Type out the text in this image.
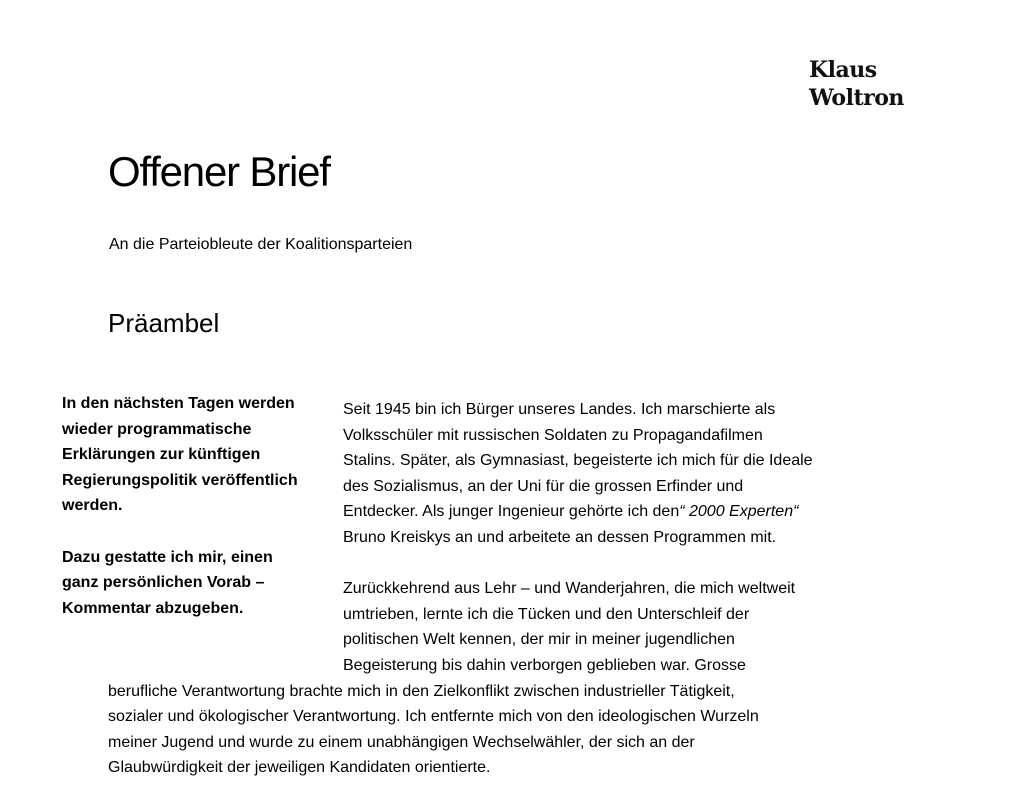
Klaus
Woltron
Offener Brief

An die Parteiobleute der Koalitionsparteien

Präambel

In den nächsten Tagen werden wieder programmatische Erklärungen zur künftigen Regierungspolitik veröffentlich werden.

Dazu gestatte ich mir, einen ganz persönlichen Vorab – Kommentar abzugeben.

Seit 1945 bin ich Bürger unseres Landes. Ich marschierte als
Volksschüler mit russischen Soldaten zu Propagandafilmen
Stalins. Später, als Gymnasiast, begeisterte ich mich für die Ideale
des Sozialismus, an der Uni für die grossen Erfinder und
Entdecker. Als junger Ingenieur gehörte ich den“ 2000 Experten“
Bruno Kreiskys an und arbeitete an dessen Programmen mit.

Zurückkehrend aus Lehr – und Wanderjahren, die mich weltweit
umtrieben, lernte ich die Tücken und den Unterschleif der
politischen Welt kennen, der mir in meiner jugendlichen
Begeisterung bis dahin verborgen geblieben war. Grosse
berufliche Verantwortung brachte mich in den Zielkonflikt zwischen industrieller Tätigkeit,
sozialer und ökologischer Verantwortung. Ich entfernte mich von den ideologischen Wurzeln
meiner Jugend und wurde zu einem unabhängigen Wechselwähler, der sich an der
Glaubwürdigkeit der jeweiligen Kandidaten orientierte.
